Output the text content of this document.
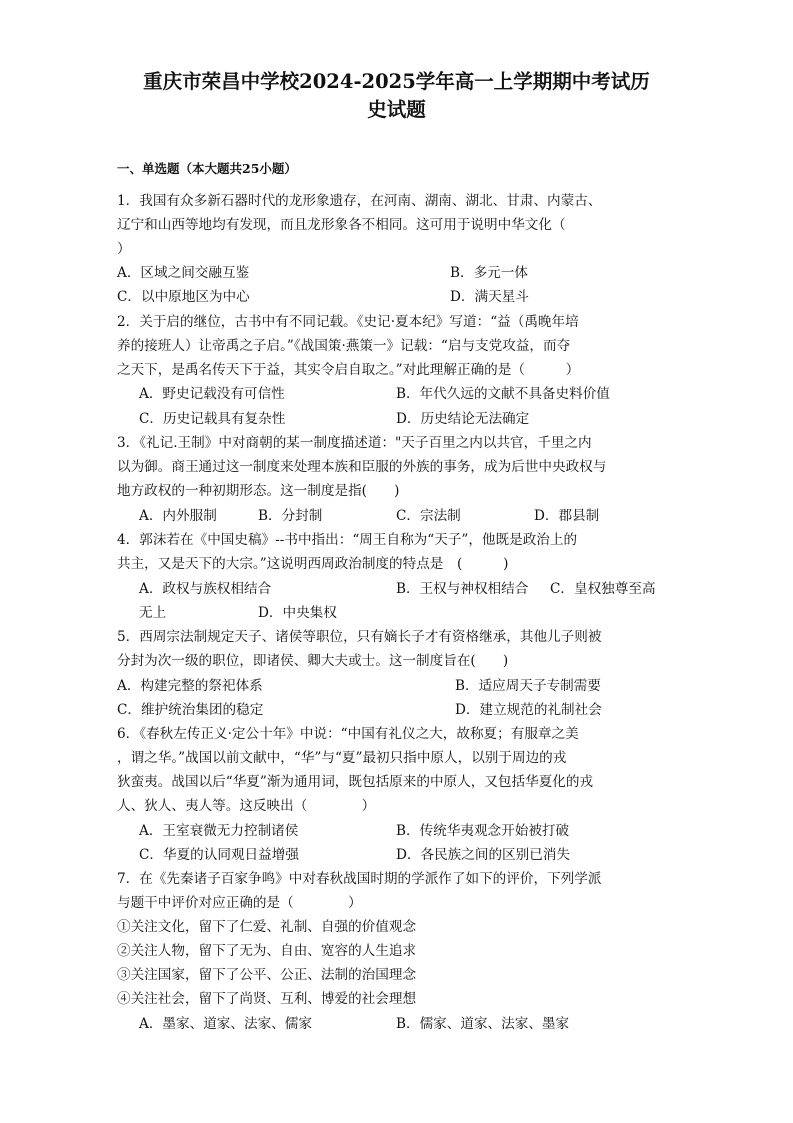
重庆市荣昌中学校2024-2025学年高一上学期期中考试历
史试题
一、单选题（本大题共25小题）
1．我国有众多新石器时代的龙形象遗存，在河南、湖南、湖北、甘肃、内蒙古、
辽宁和山西等地均有发现，而且龙形象各不相同。这可用于说明中华文化（
）
A．区域之间交融互鉴	B．多元一体
C．以中原地区为中心	D．满天星斗
2．关于启的继位，古书中有不同记载。《史记·夏本纪》写道：“益（禹晚年培
养的接班人）让帝禹之子启。”《战国策·燕策一》记载：“启与支党攻益，而夺
之天下，是禹名传天下于益，其实令启自取之。”对此理解正确的是（　　　）
A．野史记载没有可信性	B．年代久远的文献不具备史料价值
C．历史记载具有复杂性	D．历史结论无法确定
3．《礼记.王制》中对商朝的某一制度描述道："天子百里之内以共官，千里之内
以为御。商王通过这一制度来处理本族和臣服的外族的事务，成为后世中央政权与
地方政权的一种初期形态。这一制度是指(　　)
A．内外服制	B．分封制	C．宗法制	D．郡县制
4．郭沫若在《中国史稿》--书中指出：“周王自称为“天子”，他既是政治上的
共主，又是天下的大宗。”这说明西周政治制度的特点是　(　　　)
A．政权与族权相结合	B．王权与神权相结合 C．皇权独尊至高
无上	D．中央集权
5．西周宗法制规定天子、诸侯等职位，只有嫡长子才有资格继承，其他儿子则被
分封为次一级的职位，即诸侯、卿大夫或士。这一制度旨在(　　)
A．构建完整的祭祀体系	B．适应周天子专制需要
C．维护统治集团的稳定	D．建立规范的礼制社会
6．《春秋左传正义·定公十年》中说：“中国有礼仪之大，故称夏；有服章之美
，谓之华。”战国以前文献中，“华”与“夏”最初只指中原人，以别于周边的戎
狄蛮夷。战国以后“华夏”渐为通用词，既包括原来的中原人，又包括华夏化的戎
人、狄人、夷人等。这反映出（　　　　）
A．王室衰微无力控制诸侯	B．传统华夷观念开始被打破
C．华夏的认同观日益增强	D．各民族之间的区别已消失
7．在《先秦诸子百家争鸣》中对春秋战国时期的学派作了如下的评价，下列学派
与题干中评价对应正确的是（　　　　）
①关注文化，留下了仁爱、礼制、自强的价值观念
②关注人物，留下了无为、自由、宽容的人生追求
③关注国家，留下了公平、公正、法制的治国理念
④关注社会，留下了尚贤、互利、博爱的社会理想
A．墨家、道家、法家、儒家	B．儒家、道家、法家、墨家
